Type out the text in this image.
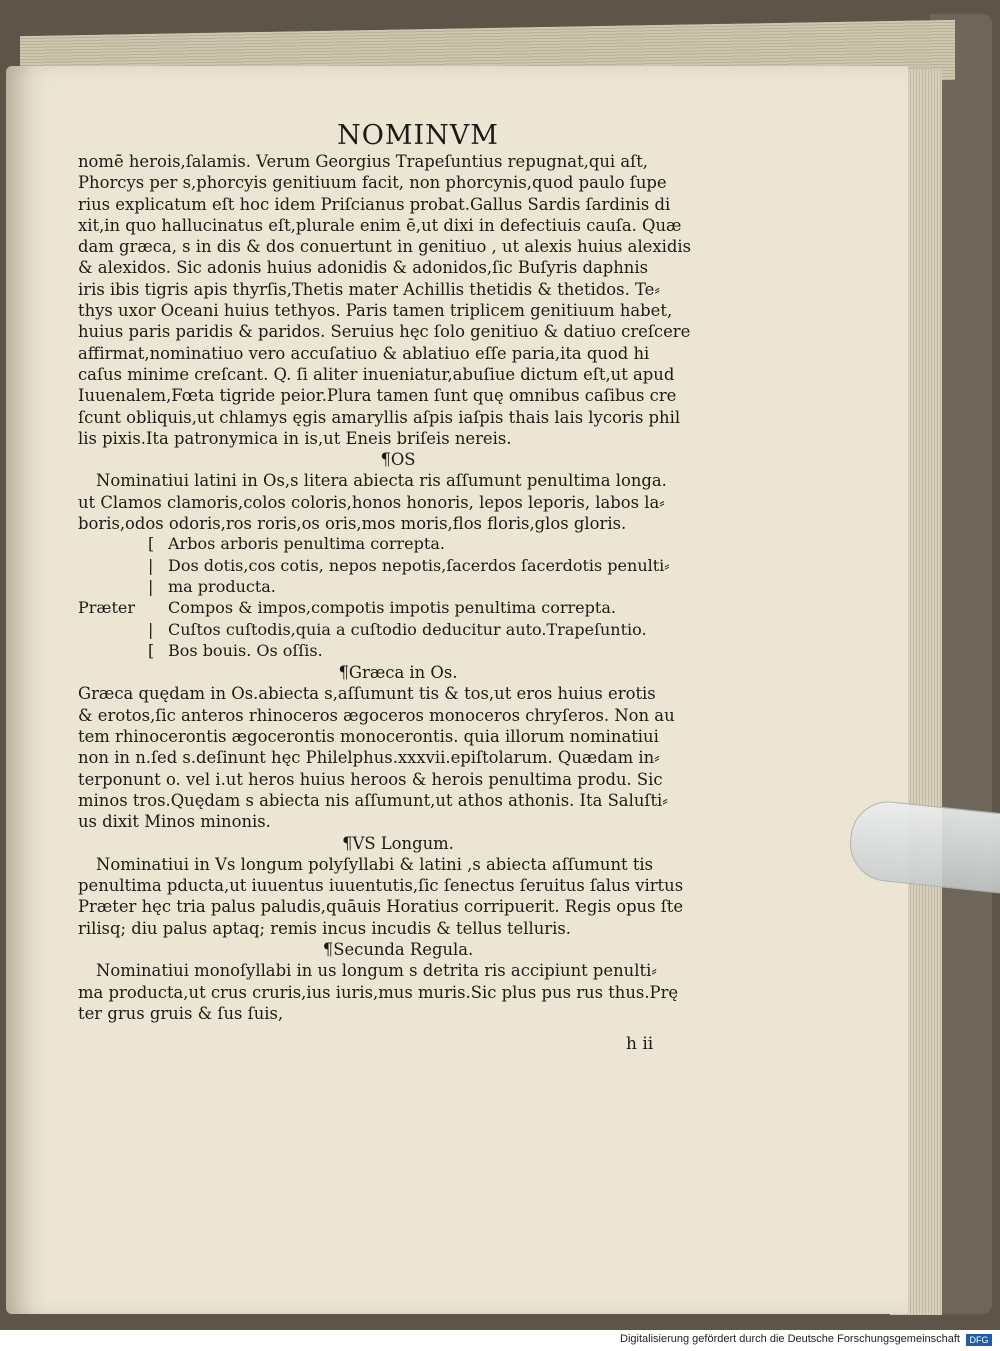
NOMINVM
nomē herois,ſalamis. Verum Georgius Trapeſuntius repugnat,qui aſt,
Phorcys per s,phorcyis genitiuum facit, non phorcynis,quod paulo ſupe
rius explicatum eſt hoc idem Priſcianus probat.Gallus Sardis ſardinis di
xit,in quo hallucinatus eſt,plurale enim ē,ut dixi in defectiuis cauſa. Quæ
dam græca, s in dis & dos conuertunt in genitiuo , ut alexis huius alexidis
& alexidos. Sic adonis huius adonidis & adonidos,ſic Buſyris daphnis
iris ibis tigris apis thyrſis,Thetis mater Achillis thetidis & thetidos. Te⸗
thys uxor Oceani huius tethyos. Paris tamen triplicem genitiuum habet,
huius paris paridis & paridos. Seruius hęc ſolo genitiuo & datiuo creſcere
affirmat,nominatiuo vero accuſatiuo & ablatiuo eſſe paria,ita quod hi
caſus minime creſcant. Q. ſi aliter inueniatur,abuſiue dictum eſt,ut apud
Iuuenalem,Fœta tigride peior.Plura tamen ſunt quę omnibus caſibus cre
ſcunt obliquis,ut chlamys ęgis amaryllis aſpis iaſpis thais lais lycoris phil
lis pixis.Ita patronymica in is,ut Eneis briſeis nereis.
¶OS
Nominatiui latini in Os,s litera abiecta ris aſſumunt penultima longa.
ut Clamos clamoris,colos coloris,honos honoris, lepos leporis, labos la⸗
boris,odos odoris,ros roris,os oris,mos moris,flos floris,glos gloris.
[ Arbos arboris penultima correpta.
| Dos dotis,cos cotis, nepos nepotis,ſacerdos ſacerdotis penulti⸗
| ma producta.
Præter Compos & impos,compotis impotis penultima correpta.
| Cuſtos cuſtodis,quia a cuſtodio deducitur auto.Trapeſuntio.
[ Bos bouis. Os oſſis.
¶Græca in Os.
Græca quędam in Os.abiecta s,aſſumunt tis & tos,ut eros huius erotis
& erotos,ſic anteros rhinoceros ægoceros monoceros chryſeros. Non au
tem rhinocerontis ægocerontis monocerontis. quia illorum nominatiui
non in n.ſed s.deſinunt hęc Philelphus.xxxvii.epiſtolarum. Quædam in⸗
terponunt o. vel i.ut heros huius heroos & herois penultima produ. Sic
minos tros.Quędam s abiecta nis aſſumunt,ut athos athonis. Ita Saluſti⸗
us dixit Minos minonis.
¶VS Longum.
Nominatiui in Vs longum polyſyllabi & latini ,s abiecta aſſumunt tis
penultima pducta,ut iuuentus iuuentutis,ſic ſenectus ſeruitus ſalus virtus
Præter hęc tria palus paludis,quāuis Horatius corripuerit. Regis opus ſte
rilisq; diu palus aptaq; remis incus incudis & tellus telluris.
¶Secunda Regula.
Nominatiui monoſyllabi in us longum s detrita ris accipiunt penulti⸗
ma producta,ut crus cruris,ius iuris,mus muris.Sic plus pus rus thus.Prę
ter grus gruis & ſus ſuis,
h ii
Digitalisierung gefördert durch die Deutsche Forschungsgemeinschaft	DFG
